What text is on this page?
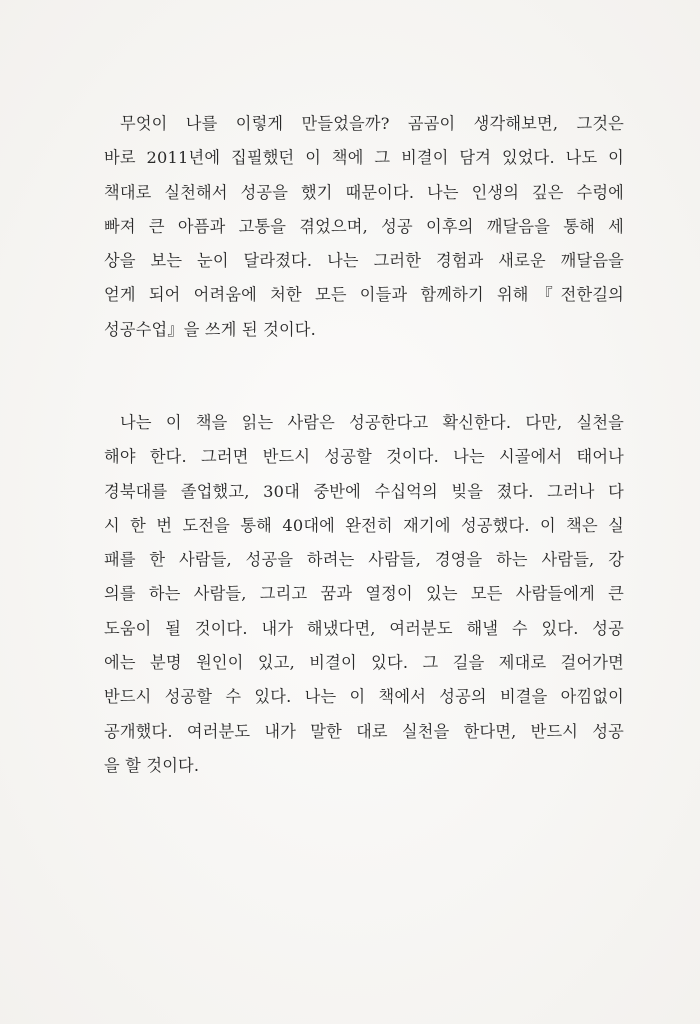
무엇이 나를 이렇게 만들었을까? 곰곰이 생각해보면, 그것은
바로 2011년에 집필했던 이 책에 그 비결이 담겨 있었다. 나도 이
책대로 실천해서 성공을 했기 때문이다. 나는 인생의 깊은 수렁에
빠져 큰 아픔과 고통을 겪었으며, 성공 이후의 깨달음을 통해 세
상을 보는 눈이 달라졌다. 나는 그러한 경험과 새로운 깨달음을
얻게 되어 어려움에 처한 모든 이들과 함께하기 위해『전한길의
성공수업』을 쓰게 된 것이다.
나는 이 책을 읽는 사람은 성공한다고 확신한다. 다만, 실천을
해야 한다. 그러면 반드시 성공할 것이다. 나는 시골에서 태어나
경북대를 졸업했고, 30대 중반에 수십억의 빚을 졌다. 그러나 다
시 한 번 도전을 통해 40대에 완전히 재기에 성공했다. 이 책은 실
패를 한 사람들, 성공을 하려는 사람들, 경영을 하는 사람들, 강
의를 하는 사람들, 그리고 꿈과 열정이 있는 모든 사람들에게 큰
도움이 될 것이다. 내가 해냈다면, 여러분도 해낼 수 있다. 성공
에는 분명 원인이 있고, 비결이 있다. 그 길을 제대로 걸어가면
반드시 성공할 수 있다. 나는 이 책에서 성공의 비결을 아낌없이
공개했다. 여러분도 내가 말한 대로 실천을 한다면, 반드시 성공
을 할 것이다.
